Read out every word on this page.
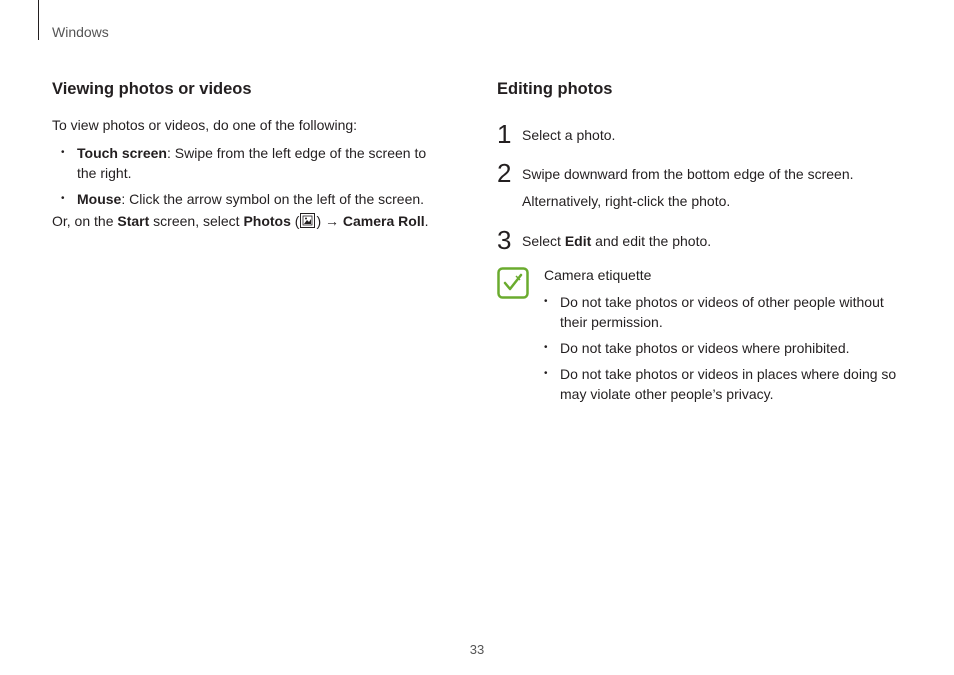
Windows
Viewing photos or videos

To view photos or videos, do one of the following:

• Touch screen: Swipe from the left edge of the screen to the right.
• Mouse: Click the arrow symbol on the left of the screen.

Or, on the Start screen, select Photos ( ) → Camera Roll.

Editing photos
1 Select a photo.
2 Swipe downward from the bottom edge of the screen.
Alternatively, right-click the photo.
3 Select Edit and edit the photo.

Camera etiquette

• Do not take photos or videos of other people without their permission.
• Do not take photos or videos where prohibited.
• Do not take photos or videos in places where doing so may violate other people’s privacy.
33
